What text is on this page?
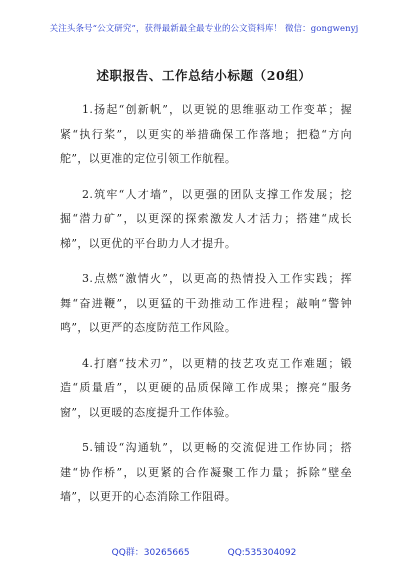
关注头条号“公文研究”，获得最新最全最专业的公文资料库！ 微信：gongwenyj
述职报告、工作总结小标题（20组）

1.扬起“创新帆”，以更锐的思维驱动工作变革；握紧“执行桨”，以更实的举措确保工作落地；把稳“方向舵”，以更准的定位引领工作航程。

2.筑牢“人才墙”，以更强的团队支撑工作发展；挖掘“潜力矿”，以更深的探索激发人才活力；搭建“成长梯”，以更优的平台助力人才提升。

3.点燃“激情火”，以更高的热情投入工作实践；挥舞“奋进鞭”，以更猛的干劲推动工作进程；敲响“警钟鸣”，以更严的态度防范工作风险。

4.打磨“技术刃”，以更精的技艺攻克工作难题；锻造“质量盾”，以更硬的品质保障工作成果；擦亮“服务窗”，以更暖的态度提升工作体验。

5.铺设“沟通轨”，以更畅的交流促进工作协同；搭建“协作桥”，以更紧的合作凝聚工作力量；拆除“壁垒墙”，以更开的心态消除工作阻碍。

QQ群：30265665	QQ:535304092
